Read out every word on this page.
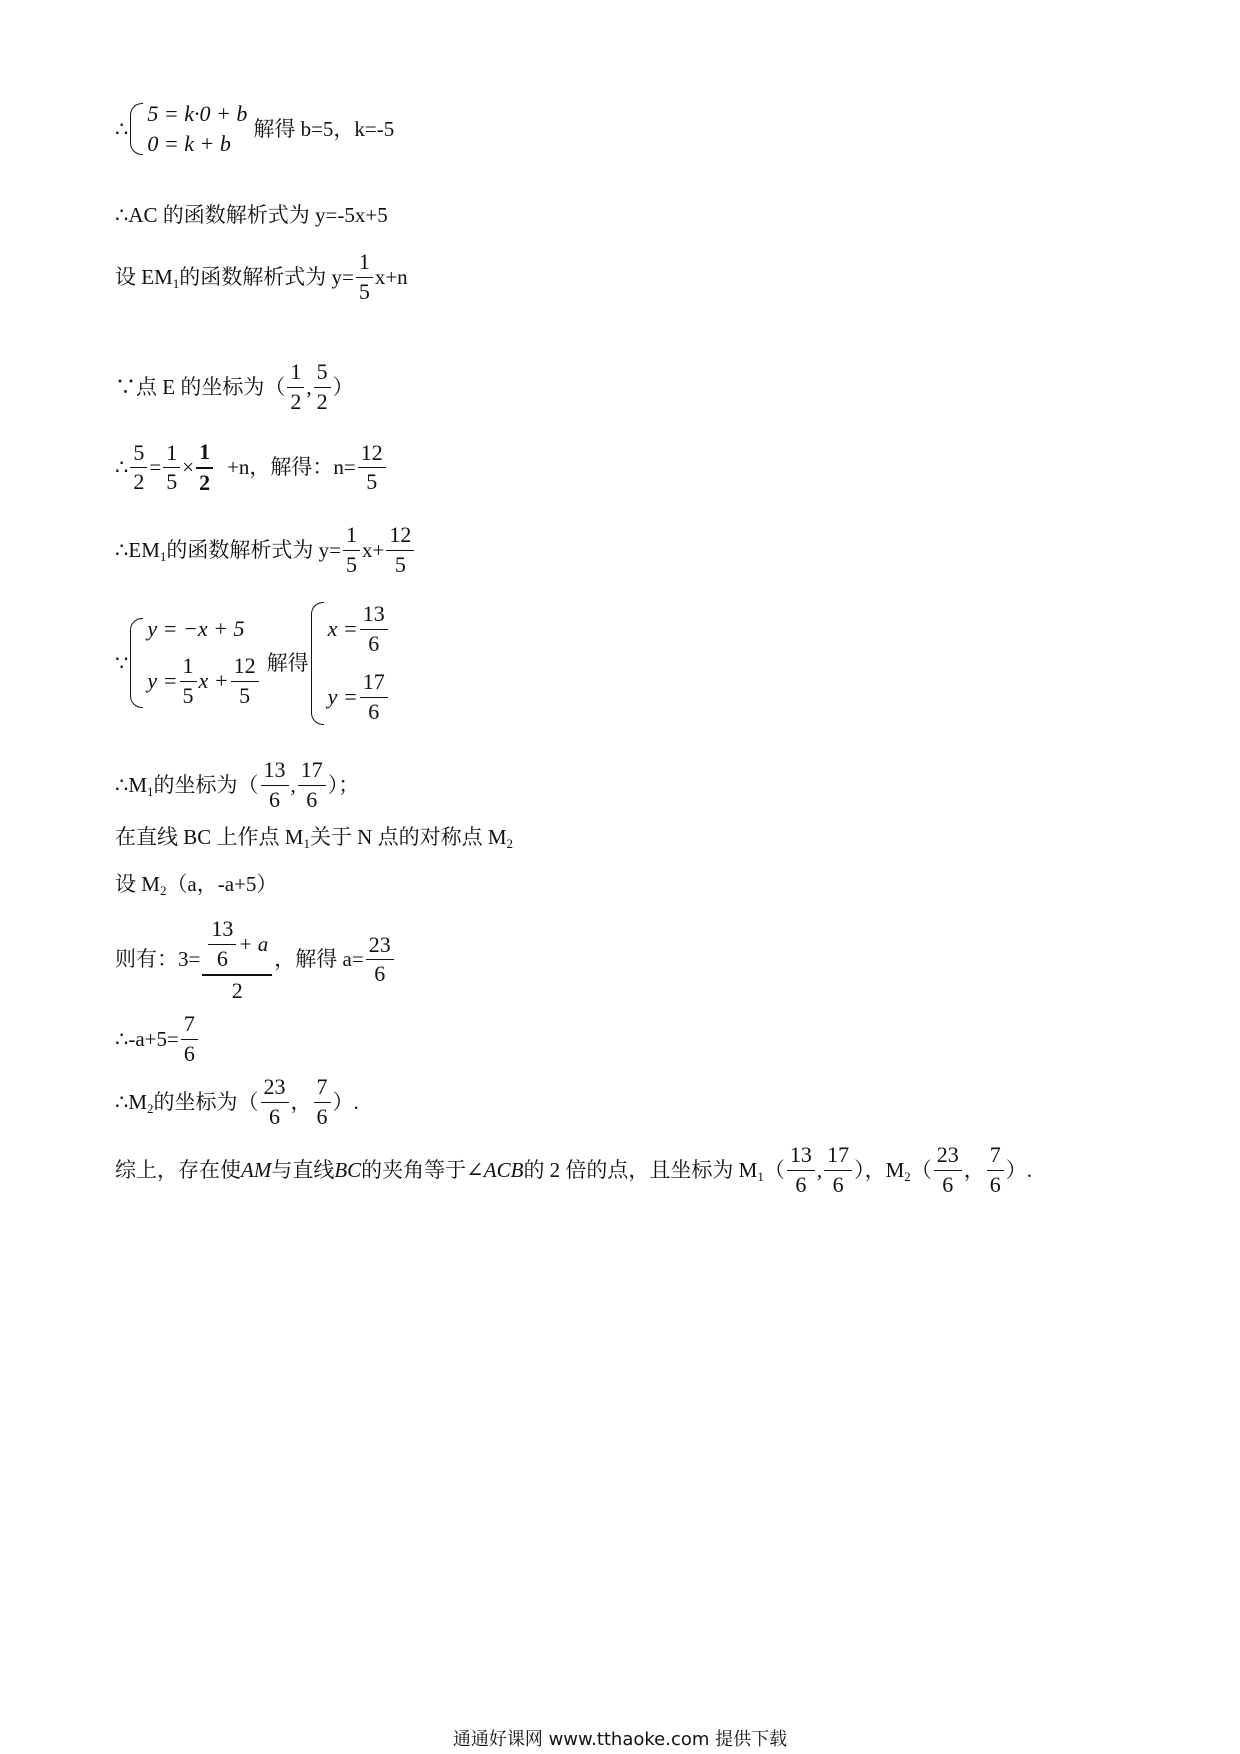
∴
5 = k·0 + b
0 = k + b
解得 b=5，k=-5
∴AC 的函数解析式为 y=-5x+5
设 EM 1 的函数解析式为 $y= \frac{1}{5} x+n$
∵点 E 的坐标为（ $\frac{1}{2}$ , $\frac{5}{2}$ ）
∴ $\frac{5}{2} = \frac{1}{5} \times \frac{1}{2} +n$，解得：$n= \frac{12}{5}$
∴EM 1 的函数解析式为 $y= \frac{1}{5} x+ \frac{12}{5}$
∵
y = −x + 5
$y = \frac{1}{5}$ $x + \frac{12}{5}$ 解得
$x = \frac{13}{6}$
$y = \frac{17}{6}$
∴M 1 的坐标为（ $\frac{13}{6}$ , $\frac{17}{6}$ ）；
在直线 BC 上作点 M 1 关于 N 点的对称点 M 2
设 M 2 （a，-a+5）
则有：$3= \frac{\frac{13}{6} + a}{2}$ ，解得 $a= \frac{23}{6}$
∴-a+5= $\frac{7}{6}$
∴M 2 的坐标为（ $\frac{23}{6}$ ， $\frac{7}{6}$ ）.
综上，存在使 AM 与直线 BC 的夹角等于 ∠ACB 的 2 倍的点，且坐标为 M 1 （ $\frac{13}{6}$ , $\frac{17}{6}$ ），M 2 （ $\frac{23}{6}$ ， $\frac{7}{6}$ ）.
通通好课网 www.tthaoke.com 提供下载
